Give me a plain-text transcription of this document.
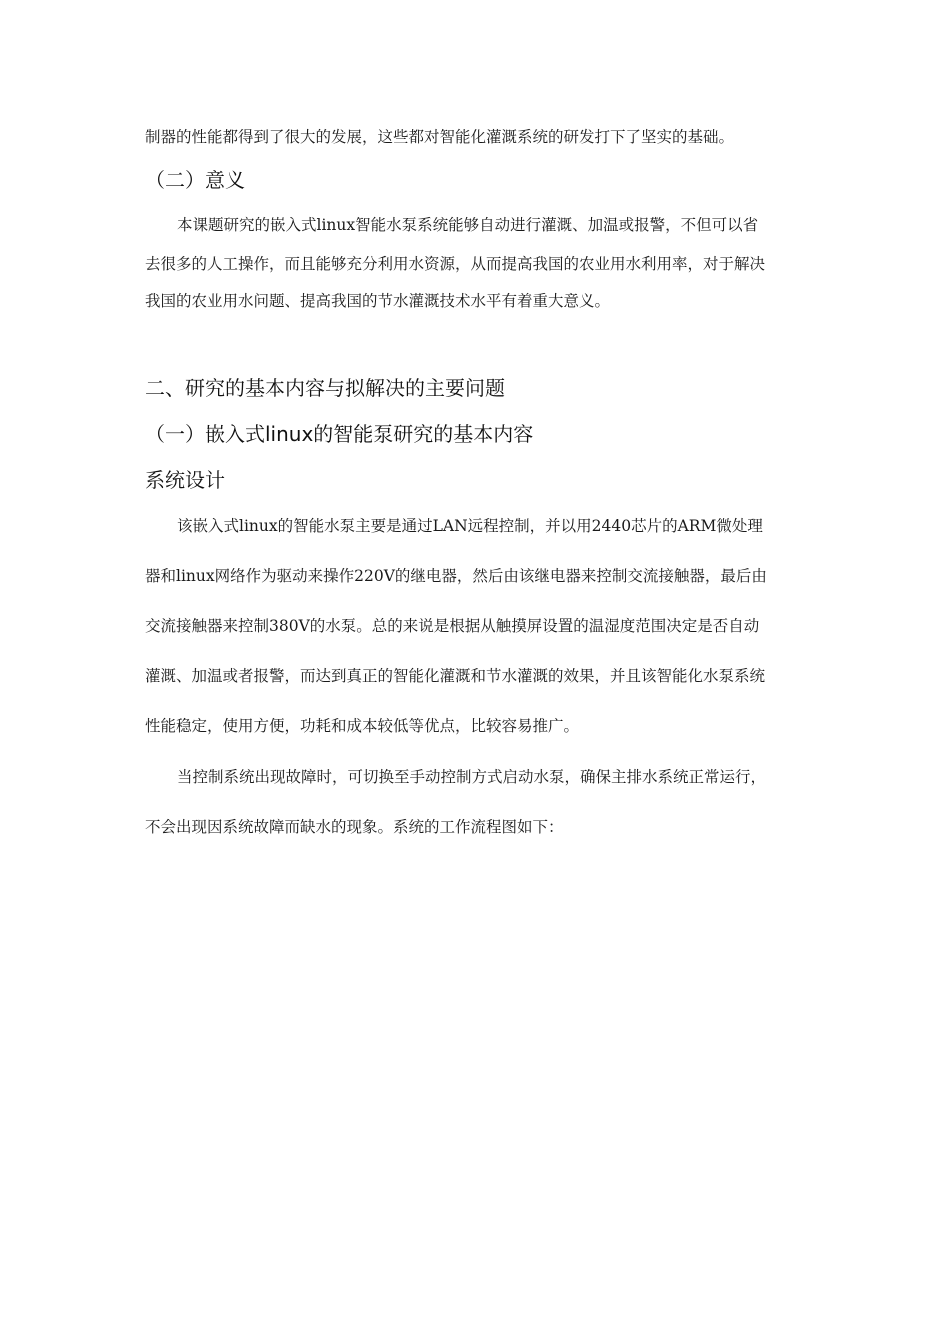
制器的性能都得到了很大的发展，这些都对智能化灌溉系统的研发打下了坚实的基础。
（二）意义
本课题研究的嵌入式linux智能水泵系统能够自动进行灌溉、加温或报警，不但可以省
去很多的人工操作，而且能够充分利用水资源，从而提高我国的农业用水利用率，对于解决
我国的农业用水问题、提高我国的节水灌溉技术水平有着重大意义。
二、研究的基本内容与拟解决的主要问题
（一）嵌入式linux的智能泵研究的基本内容
系统设计
该嵌入式linux的智能水泵主要是通过LAN远程控制，并以用2440芯片的ARM微处理
器和linux网络作为驱动来操作220V的继电器，然后由该继电器来控制交流接触器，最后由
交流接触器来控制380V的水泵。总的来说是根据从触摸屏设置的温湿度范围决定是否自动
灌溉、加温或者报警，而达到真正的智能化灌溉和节水灌溉的效果，并且该智能化水泵系统
性能稳定，使用方便，功耗和成本较低等优点，比较容易推广。
当控制系统出现故障时，可切换至手动控制方式启动水泵，确保主排水系统正常运行，
不会出现因系统故障而缺水的现象。系统的工作流程图如下：
